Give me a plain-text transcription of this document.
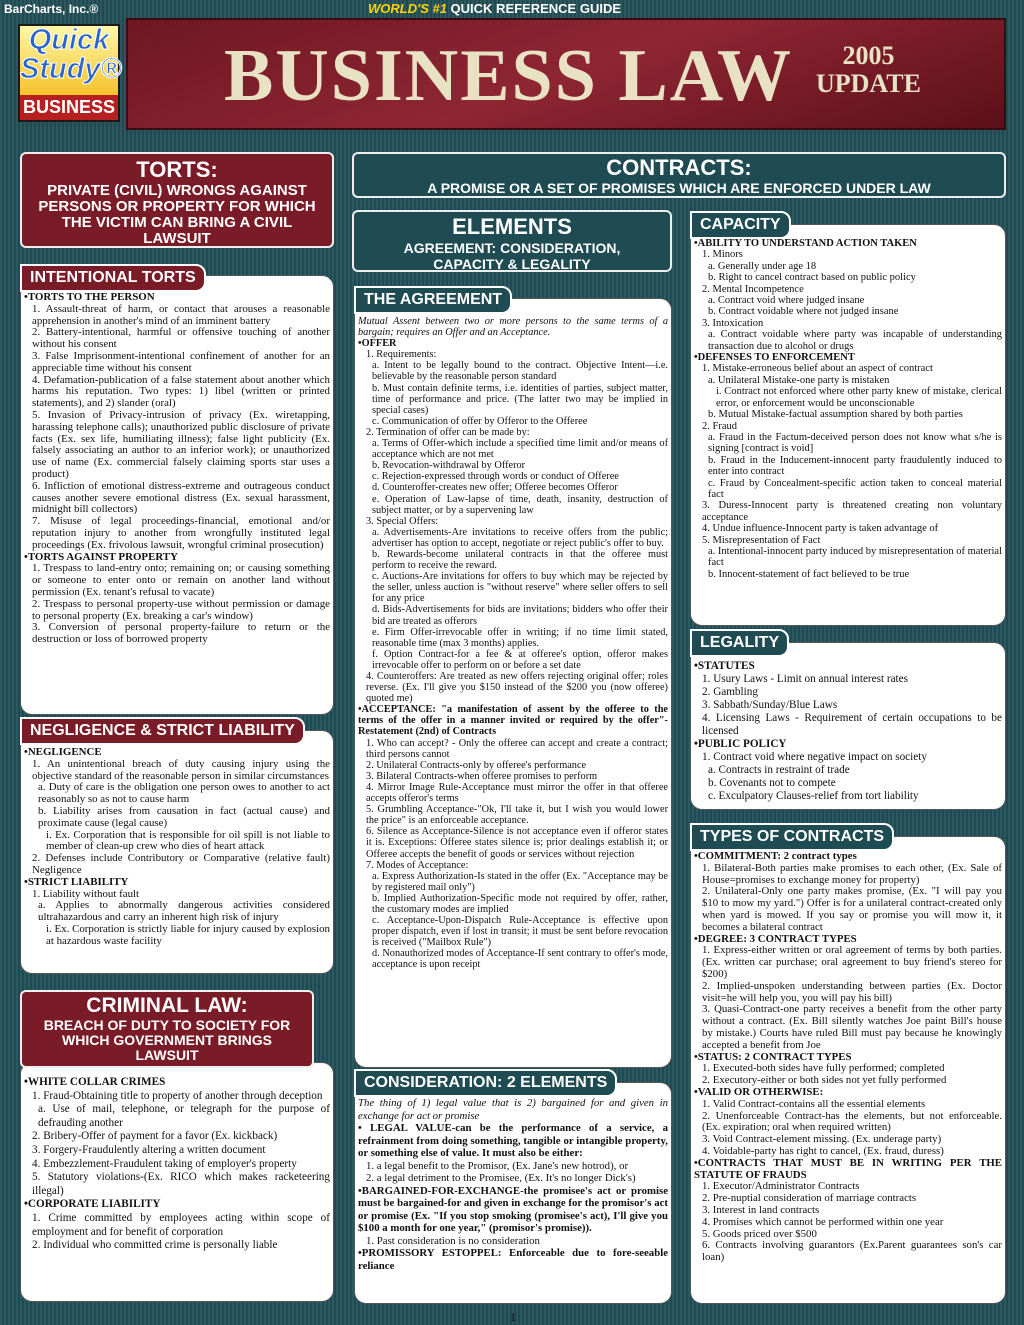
BarCharts, Inc.®	WORLD'S #1 QUICK REFERENCE GUIDE
Quick
Study®
BUSINESS BUSINESS LAW	2005
UPDATE
TORTS:
PRIVATE (CIVIL) WRONGS AGAINST PERSONS OR PROPERTY FOR WHICH THE VICTIM CAN BRING A CIVIL LAWSUIT
INTENTIONAL TORTS

•TORTS TO THE PERSON

1. Assault-threat of harm, or contact that arouses a reasonable apprehension in another's mind of an imminent battery

2. Battery-intentional, harmful or offensive touching of another without his consent

3. False Imprisonment-intentional confinement of another for an appreciable time without his consent

4. Defamation-publication of a false statement about another which harms his reputation. Two types: 1) libel (written or printed statements), and 2) slander (oral)

5. Invasion of Privacy-intrusion of privacy (Ex. wiretapping, harassing telephone calls); unauthorized public disclosure of private facts (Ex. sex life, humiliating illness); false light publicity (Ex. falsely associating an author to an inferior work); or unauthorized use of name (Ex. commercial falsely claiming sports star uses a product)

6. Infliction of emotional distress-extreme and outrageous conduct causes another severe emotional distress (Ex. sexual harassment, midnight bill collectors)

7. Misuse of legal proceedings-financial, emotional and/or reputation injury to another from wrongfully instituted legal proceedings (Ex. frivolous lawsuit, wrongful criminal prosecution)

•TORTS AGAINST PROPERTY

1. Trespass to land-entry onto; remaining on; or causing something or someone to enter onto or remain on another land without permission (Ex. tenant's refusal to vacate)

2. Trespass to personal property-use without permission or damage to personal property (Ex. breaking a car's window)

3. Conversion of personal property-failure to return or the destruction or loss of borrowed property

NEGLIGENCE & STRICT LIABILITY

•NEGLIGENCE

1. An unintentional breach of duty causing injury using the objective standard of the reasonable person in similar circumstances

a. Duty of care is the obligation one person owes to another to act reasonably so as not to cause harm

b. Liability arises from causation in fact (actual cause) and proximate cause (legal cause)

i. Ex. Corporation that is responsible for oil spill is not liable to member of clean-up crew who dies of heart attack

2. Defenses include Contributory or Comparative (relative fault) Negligence

•STRICT LIABILITY

1. Liability without fault

a. Applies to abnormally dangerous activities considered ultrahazardous and carry an inherent high risk of injury

i. Ex. Corporation is strictly liable for injury caused by explosion at hazardous waste facility

CRIMINAL LAW:
BREACH OF DUTY TO SOCIETY FOR WHICH GOVERNMENT BRINGS LAWSUIT

•WHITE COLLAR CRIMES

1. Fraud-Obtaining title to property of another through deception

a. Use of mail, telephone, or telegraph for the purpose of defrauding another

2. Bribery-Offer of payment for a favor (Ex. kickback)

3. Forgery-Fraudulently altering a written document

4. Embezzlement-Fraudulent taking of employer's property

5. Statutory violations-(Ex. RICO which makes racketeering illegal)

•CORPORATE LIABILITY

1. Crime committed by employees acting within scope of employment and for benefit of corporation

2. Individual who committed crime is personally liable

CONTRACTS:
A PROMISE OR A SET OF PROMISES WHICH ARE ENFORCED UNDER LAW
ELEMENTS
AGREEMENT: CONSIDERATION, CAPACITY & LEGALITY
THE AGREEMENT

Mutual Assent between two or more persons to the same terms of a bargain; requires an Offer and an Acceptance.

•OFFER

1. Requirements:

a. Intent to be legally bound to the contract. Objective Intent—i.e. believable by the reasonable person standard

b. Must contain definite terms, i.e. identities of parties, subject matter, time of performance and price. (The latter two may be implied in special cases)

c. Communication of offer by Offeror to the Offeree

2. Termination of offer can be made by:

a. Terms of Offer-which include a specified time limit and/or means of acceptance which are not met

b. Revocation-withdrawal by Offeror

c. Rejection-expressed through words or conduct of Offeree

d. Counteroffer-creates new offer; Offeree becomes Offeror

e. Operation of Law-lapse of time, death, insanity, destruction of subject matter, or by a supervening law

3. Special Offers:

a. Advertisements-Are invitations to receive offers from the public; advertiser has option to accept, negotiate or reject public's offer to buy.

b. Rewards-become unilateral contracts in that the offeree must perform to receive the reward.

c. Auctions-Are invitations for offers to buy which may be rejected by the seller, unless auction is "without reserve" where seller offers to sell for any price

d. Bids-Advertisements for bids are invitations; bidders who offer their bid are treated as offerors

e. Firm Offer-irrevocable offer in writing; if no time limit stated, reasonable time (max 3 months) applies.

f. Option Contract-for a fee & at offeree's option, offeror makes irrevocable offer to perform on or before a set date

4. Counteroffers: Are treated as new offers rejecting original offer; roles reverse. (Ex. I'll give you $150 instead of the $200 you (now offeree) quoted me)

•ACCEPTANCE: "a manifestation of assent by the offeree to the terms of the offer in a manner invited or required by the offer"-Restatement (2nd) of Contracts

1. Who can accept? - Only the offeree can accept and create a contract; third persons cannot

2. Unilateral Contracts-only by offeree's performance

3. Bilateral Contracts-when offeree promises to perform

4. Mirror Image Rule-Acceptance must mirror the offer in that offeree accepts offeror's terms

5. Grumbling Acceptance-"Ok, I'll take it, but I wish you would lower the price" is an enforceable acceptance.

6. Silence as Acceptance-Silence is not acceptance even if offeror states it is. Exceptions: Offeree states silence is; prior dealings establish it; or Offeree accepts the benefit of goods or services without rejection

7. Modes of Acceptance:

a. Express Authorization-Is stated in the offer (Ex. "Acceptance may be by registered mail only")

b. Implied Authorization-Specific mode not required by offer, rather, the customary modes are implied

c. Acceptance-Upon-Dispatch Rule-Acceptance is effective upon proper dispatch, even if lost in transit; it must be sent before revocation is received ("Mailbox Rule")

d. Nonauthorized modes of Acceptance-If sent contrary to offer's mode, acceptance is upon receipt

CONSIDERATION: 2 ELEMENTS

The thing of 1) legal value that is 2) bargained for and given in exchange for act or promise

• LEGAL VALUE-can be the performance of a service, a refrainment from doing something, tangible or intangible property, or something else of value. It must also be either:

1. a legal benefit to the Promisor, (Ex. Jane's new hotrod), or

2. a legal detriment to the Promisee, (Ex. It's no longer Dick's)

•BARGAINED-FOR-EXCHANGE-the promisee's act or promise must be bargained-for and given in exchange for the promisor's act or promise (Ex. "If you stop smoking (promisee's act), I'll give you $100 a month for one year," (promisor's promise)).

1. Past consideration is no consideration

•PROMISSORY ESTOPPEL: Enforceable due to fore-seeable reliance

CAPACITY

•ABILITY TO UNDERSTAND ACTION TAKEN

1. Minors

a. Generally under age 18

b. Right to cancel contract based on public policy

2. Mental Incompetence

a. Contract void where judged insane

b. Contract voidable where not judged insane

3. Intoxication

a. Contract voidable where party was incapable of understanding transaction due to alcohol or drugs

•DEFENSES TO ENFORCEMENT

1. Mistake-erroneous belief about an aspect of contract

a. Unilateral Mistake-one party is mistaken

i. Contract not enforced where other party knew of mistake, clerical error, or enforcement would be unconscionable

b. Mutual Mistake-factual assumption shared by both parties

2. Fraud

a. Fraud in the Factum-deceived person does not know what s/he is signing [contract is void]

b. Fraud in the Inducement-innocent party fraudulently induced to enter into contract

c. Fraud by Concealment-specific action taken to conceal material fact

3. Duress-Innocent party is threatened creating non voluntary acceptance

4. Undue influence-Innocent party is taken advantage of

5. Misrepresentation of Fact

a. Intentional-innocent party induced by misrepresentation of material fact

b. Innocent-statement of fact believed to be true

LEGALITY

•STATUTES

1. Usury Laws - Limit on annual interest rates

2. Gambling

3. Sabbath/Sunday/Blue Laws

4. Licensing Laws - Requirement of certain occupations to be licensed

•PUBLIC POLICY

1. Contract void where negative impact on society

a. Contracts in restraint of trade

b. Covenants not to compete

c. Exculpatory Clauses-relief from tort liability

TYPES OF CONTRACTS

•COMMITMENT: 2 contract types

1. Bilateral-Both parties make promises to each other, (Ex. Sale of House=promises to exchange money for property)

2. Unilateral-Only one party makes promise, (Ex. "I will pay you $10 to mow my yard.") Offer is for a unilateral contract-created only when yard is mowed. If you say or promise you will mow it, it becomes a bilateral contract

•DEGREE: 3 CONTRACT TYPES

1. Express-either written or oral agreement of terms by both parties. (Ex. written car purchase; oral agreement to buy friend's stereo for $200)

2. Implied-unspoken understanding between parties (Ex. Doctor visit=he will help you, you will pay his bill)

3. Quasi-Contract-one party receives a benefit from the other party without a contract. (Ex. Bill silently watches Joe paint Bill's house by mistake.) Courts have ruled Bill must pay because he knowingly accepted a benefit from Joe

•STATUS: 2 CONTRACT TYPES

1. Executed-both sides have fully performed; completed

2. Executory-either or both sides not yet fully performed

•VALID OR OTHERWISE:

1. Valid Contract-contains all the essential elements

2. Unenforceable Contract-has the elements, but not enforceable. (Ex. expiration; oral when required written)

3. Void Contract-element missing. (Ex. underage party)

4. Voidable-party has right to cancel, (Ex. fraud, duress)

•CONTRACTS THAT MUST BE IN WRITING PER THE STATUTE OF FRAUDS

1. Executor/Administrator Contracts

2. Pre-nuptial consideration of marriage contracts

3. Interest in land contracts

4. Promises which cannot be performed within one year

5. Goods priced over $500

6. Contracts involving guarantors (Ex.Parent guarantees son's car loan)

1
